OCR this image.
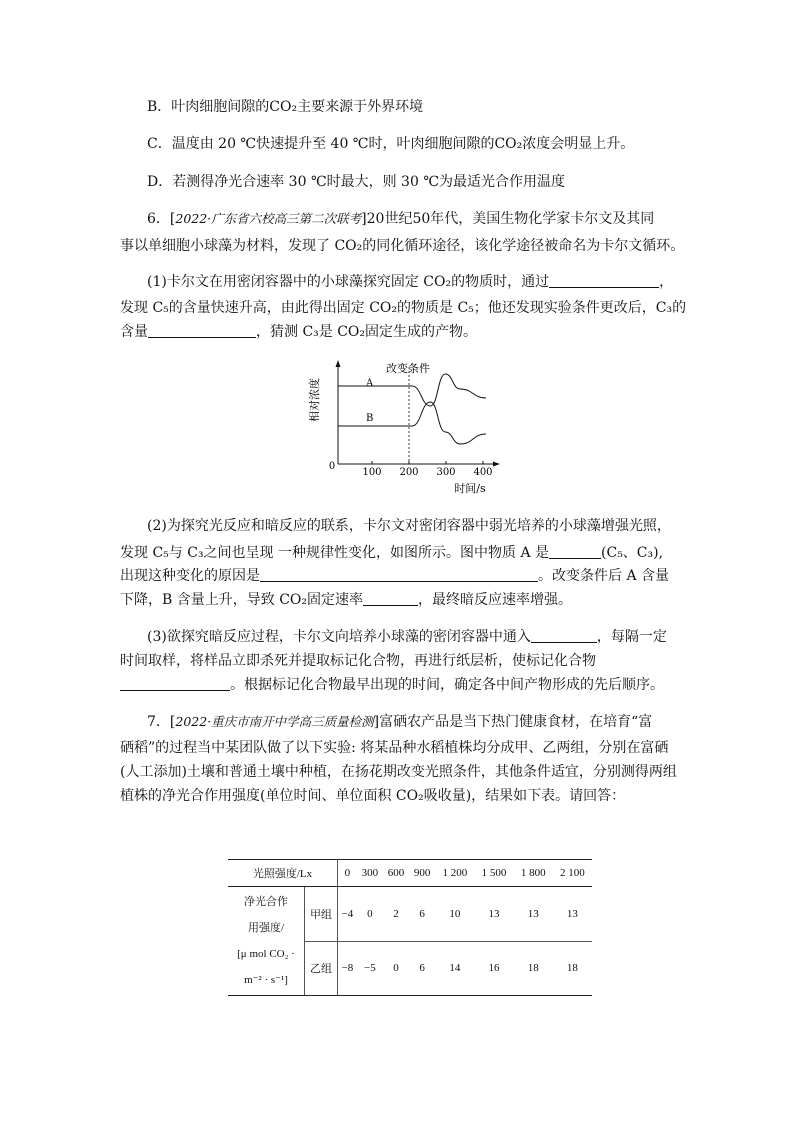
B．叶肉细胞间隙的CO₂主要来源于外界环境
C．温度由 20 ℃快速提升至 40 ℃时，叶肉细胞间隙的CO₂浓度会明显上升。
D．若测得净光合速率 30 ℃时最大，则 30 ℃为最适光合作用温度
6．[2022·广东省六校高三第二次联考]20世纪50年代，美国生物化学家卡尔文及其同
事以单细胞小球藻为材料，发现了 CO₂的同化循环途径，该化学途径被命名为卡尔文循环。
(1)卡尔文在用密闭容器中的小球藻探究固定 CO₂的物质时，通过	，
发现 C₅的含量快速升高，由此得出固定 CO₂的物质是 C₅；他还发现实验条件更改后，C₃的
含量	，猜测 C₃是 CO₂固定生成的产物。
相对浓度
改变条件
A
B
0
100 200 300 400
时间/s
(2)为探究光反应和暗反应的联系，卡尔文对密闭容器中弱光培养的小球藻增强光照，
发现 C₅与 C₃之间也呈现 一种规律性变化，如图所示。图中物质 A 是	(C₅、C₃),
出现这种变化的原因是	。改变条件后 A 含量
下降，B 含量上升，导致 CO₂固定速率	，最终暗反应速率增强。
(3)欲探究暗反应过程，卡尔文向培养小球藻的密闭容器中通入	，每隔一定
时间取样，将样品立即杀死并提取标记化合物，再进行纸层析，使标记化合物
。根据标记化合物最早出现的时间，确定各中间产物形成的先后顺序。
7．[2022·重庆市南开中学高三质量检测]富硒农产品是当下热门健康食材，在培育“富
硒稻”的过程当中某团队做了以下实验: 将某品种水稻植株均分成甲、乙两组，分别在富硒
(人工添加)土壤和普通土壤中种植，在扬花期改变光照条件，其他条件适宜，分别测得两组
植株的净光合作用强度(单位时间、单位面积 CO₂吸收量)，结果如下表。请回答：
光照强度/Lx		0	300	600	900	1 200	1 500	1 800	2 100

净光合作
用强度/
[μ mol CO₂ ·
m⁻² · s⁻¹]	甲组	−4	0	2	6	10	13	13	13
	乙组	−8	−5	0	6	14	16	18	18
